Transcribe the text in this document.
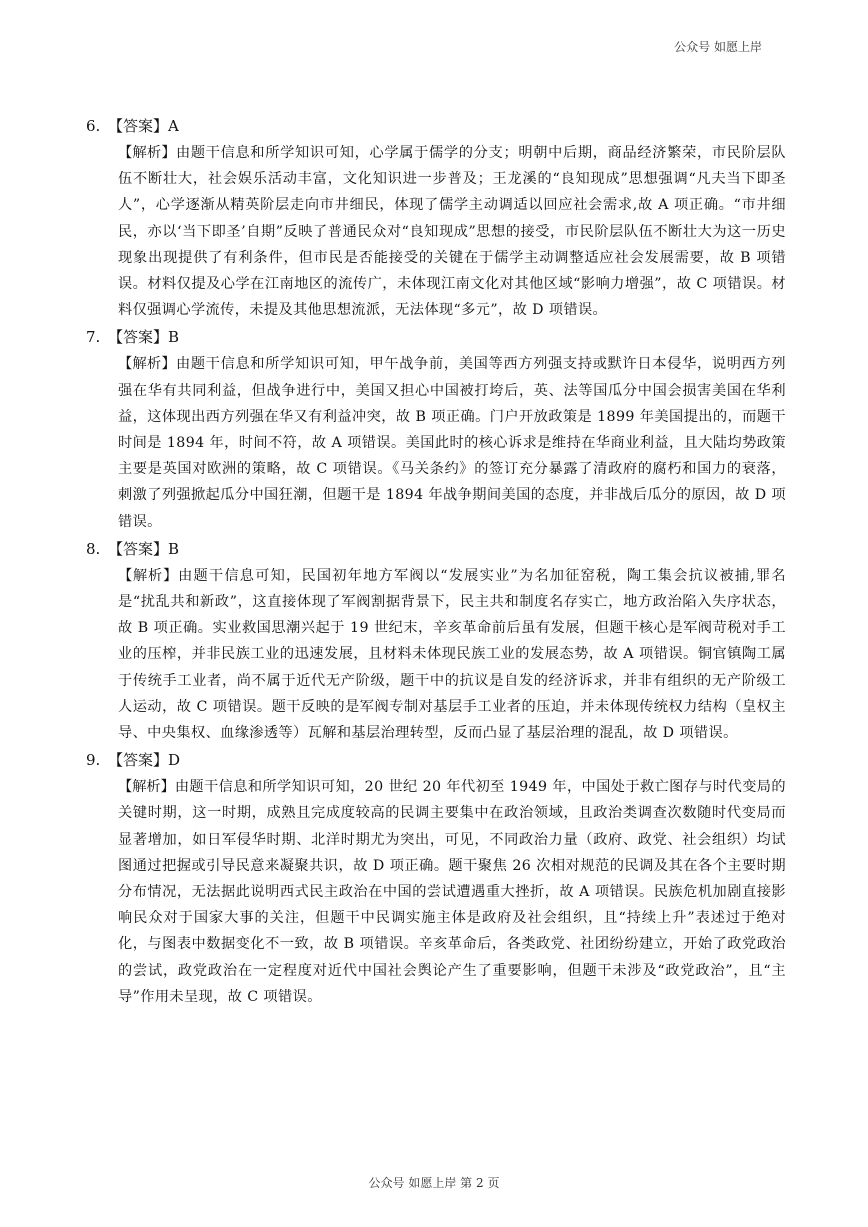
公众号 如愿上岸
6. 【答案】A

【解析】由题干信息和所学知识可知，心学属于儒学的分支；明朝中后期，商品经济繁荣，市民阶层队伍不断壮大，社会娱乐活动丰富，文化知识进一步普及；王龙溪的“良知现成”思想强调“凡夫当下即圣人”，心学逐渐从精英阶层走向市井细民，体现了儒学主动调适以回应社会需求,故 A 项正确。“市井细民，亦以‘当下即圣’自期”反映了普通民众对“良知现成”思想的接受，市民阶层队伍不断壮大为这一历史现象出现提供了有利条件，但市民是否能接受的关键在于儒学主动调整适应社会发展需要，故 B 项错误。材料仅提及心学在江南地区的流传广，未体现江南文化对其他区域“影响力增强”，故 C 项错误。材料仅强调心学流传，未提及其他思想流派，无法体现“多元”，故 D 项错误。

7. 【答案】B

【解析】由题干信息和所学知识可知，甲午战争前，美国等西方列强支持或默许日本侵华，说明西方列强在华有共同利益，但战争进行中，美国又担心中国被打垮后，英、法等国瓜分中国会损害美国在华利益，这体现出西方列强在华又有利益冲突，故 B 项正确。门户开放政策是 1899 年美国提出的，而题干时间是 1894 年，时间不符，故 A 项错误。美国此时的核心诉求是维持在华商业利益，且大陆均势政策主要是英国对欧洲的策略，故 C 项错误。《马关条约》的签订充分暴露了清政府的腐朽和国力的衰落，刺激了列强掀起瓜分中国狂潮，但题干是 1894 年战争期间美国的态度，并非战后瓜分的原因，故 D 项错误。

8. 【答案】B

【解析】由题干信息可知，民国初年地方军阀以“发展实业”为名加征窑税，陶工集会抗议被捕,罪名是“扰乱共和新政”，这直接体现了军阀割据背景下，民主共和制度名存实亡，地方政治陷入失序状态，故 B 项正确。实业救国思潮兴起于 19 世纪末，辛亥革命前后虽有发展，但题干核心是军阀苛税对手工业的压榨，并非民族工业的迅速发展，且材料未体现民族工业的发展态势，故 A 项错误。铜官镇陶工属于传统手工业者，尚不属于近代无产阶级，题干中的抗议是自发的经济诉求，并非有组织的无产阶级工人运动，故 C 项错误。题干反映的是军阀专制对基层手工业者的压迫，并未体现传统权力结构（皇权主导、中央集权、血缘渗透等）瓦解和基层治理转型，反而凸显了基层治理的混乱，故 D 项错误。

9. 【答案】D

【解析】由题干信息和所学知识可知，20 世纪 20 年代初至 1949 年，中国处于救亡图存与时代变局的关键时期，这一时期，成熟且完成度较高的民调主要集中在政治领域，且政治类调查次数随时代变局而显著增加，如日军侵华时期、北洋时期尤为突出，可见，不同政治力量（政府、政党、社会组织）均试图通过把握或引导民意来凝聚共识，故 D 项正确。题干聚焦 26 次相对规范的民调及其在各个主要时期分布情况，无法据此说明西式民主政治在中国的尝试遭遇重大挫折，故 A 项错误。民族危机加剧直接影响民众对于国家大事的关注，但题干中民调实施主体是政府及社会组织，且“持续上升”表述过于绝对化，与图表中数据变化不一致，故 B 项错误。辛亥革命后，各类政党、社团纷纷建立，开始了政党政治的尝试，政党政治在一定程度对近代中国社会舆论产生了重要影响，但题干未涉及“政党政治”，且“主导”作用未呈现，故 C 项错误。

公众号 如愿上岸 第 2 页
